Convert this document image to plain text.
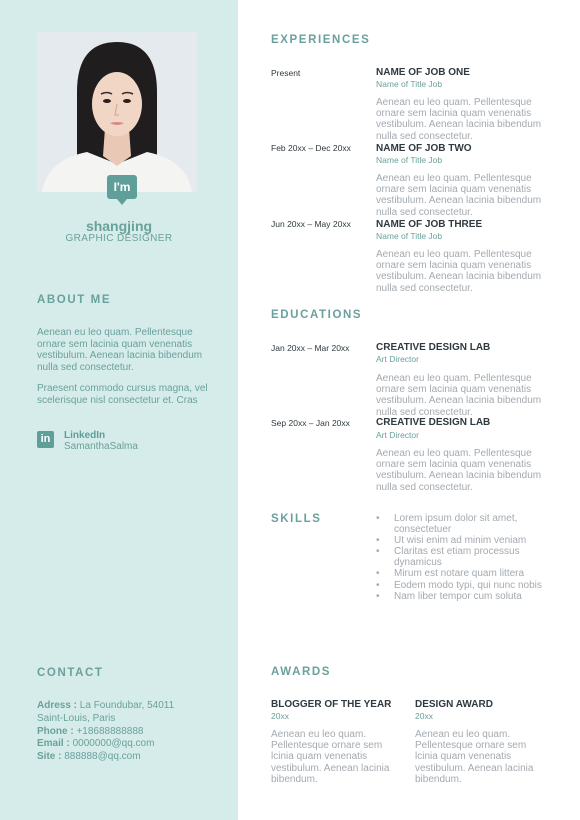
I'm
shangjing
GRAPHIC DESIGNER
ABOUT ME
Aenean eu leo quam. Pellentesque ornare sem lacinia quam venenatis vestibulum. Aenean lacinia bibendum nulla sed consectetur.
Praesent commodo cursus magna, vel scelerisque nisl consectetur et. Cras
in	LinkedIn
SamanthaSalma
CONTACT
Adress : La Foundubar, 54011
Saint-Louis, Paris
Phone : +18688888888
Email : 0000000@qq.com
Site : 888888@qq.com
EXPERIENCES
Present	NAME OF JOB ONE
Name of Title Job
Aenean eu leo quam. Pellentesque ornare sem lacinia quam venenatis vestibulum. Aenean lacinia bibendum nulla sed consectetur.
Feb 20xx – Dec 20xx	NAME OF JOB TWO
Name of Title Job
Aenean eu leo quam. Pellentesque ornare sem lacinia quam venenatis vestibulum. Aenean lacinia bibendum nulla sed consectetur.
Jun 20xx – May 20xx	NAME OF JOB THREE
Name of Title Job
Aenean eu leo quam. Pellentesque ornare sem lacinia quam venenatis vestibulum. Aenean lacinia bibendum nulla sed consectetur.
EDUCATIONS
Jan 20xx – Mar 20xx	CREATIVE DESIGN LAB
Art Director
Aenean eu leo quam. Pellentesque ornare sem lacinia quam venenatis vestibulum. Aenean lacinia bibendum nulla sed consectetur.
Sep 20xx – Jan 20xx	CREATIVE DESIGN LAB
Art Director
Aenean eu leo quam. Pellentesque ornare sem lacinia quam venenatis vestibulum. Aenean lacinia bibendum nulla sed consectetur.
SKILLS
•	Lorem ipsum dolor sit amet, consectetuer
• Ut wisi enim ad minim veniam
• Claritas est etiam processus dynamicus
• Mirum est notare quam littera
• Eodem modo typi, qui nunc nobis
• Nam liber tempor cum soluta
AWARDS
BLOGGER OF THE YEAR
20xx
Aenean eu leo quam. Pellentesque ornare sem lcinia quam venenatis vestibulum. Aenean lacinia bibendum.
DESIGN AWARD
20xx
Aenean eu leo quam. Pellentesque ornare sem lcinia quam venenatis vestibulum. Aenean lacinia bibendum.
